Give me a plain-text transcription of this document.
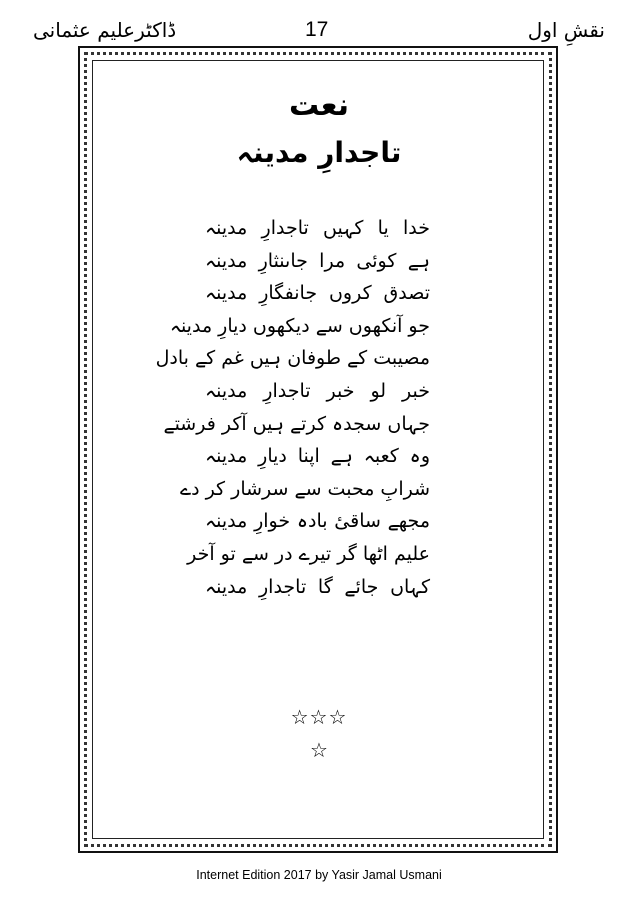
ڈاکٹرعلیم عثمانی	17	نقشِ اول
نعت
تاجدارِ مدینہ
خدا یا کہیں تاجدارِ مدینہ
ہے کوئی مرا جاںنثارِ مدینہ
تصدق کروں جانفگارِ مدینہ
جو آنکھوں سے دیکھوں دیارِ مدینہ
مصیبت کے طوفان ہیں غم کے بادل
خبر لو خبر تاجدارِ مدینہ
جہاں سجدہ کرتے ہیں آکر فرشتے
وہ کعبہ ہے اپنا دیارِ مدینہ
شرابِ محبت سے سرشار کر دے
مجھے ساقیٔ بادہ خوارِ مدینہ
علیم اٹھا گر تیرے در سے تو آخر
کہاں جائے گا تاجدارِ مدینہ
☆☆☆
☆
Internet Edition 2017 by Yasir Jamal Usmani
